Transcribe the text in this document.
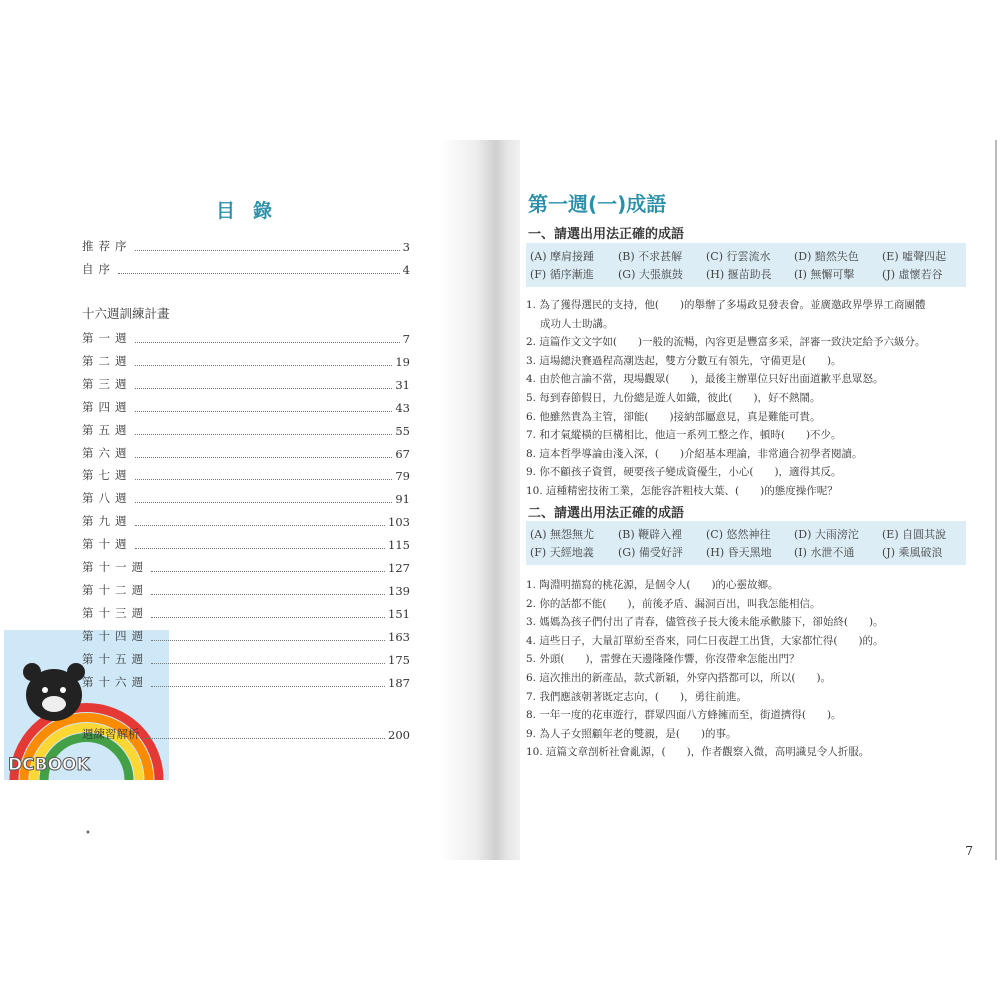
目錄
推荐序	3
自序	4
十六週訓練計畫
第一週	7
第二週	19
第三週	31
第四週	43
第五週	55
第六週	67
第七週	79
第八週	91
第九週	103
第十週	115
第十一週	127
第十二週	139
第十三週	151
第十四週	163
第十五週	175
第十六週	187
週練習解析	200
DCBOOK
•
第一週(一)成語
一、請選出用法正確的成語
(A) 摩肩接踵	(B) 不求甚解	(C) 行雲流水	(D) 黯然失色	(E) 噓聲四起
(F) 循序漸進	(G) 大張旗鼓	(H) 揠苗助長	(I) 無懈可擊	(J) 虛懷若谷
1. 為了獲得選民的支持，他(　　)的舉辦了多場政見發表會。並廣邀政界學界工商團體
成功人士助講。
2. 這篇作文文字如(　　)一般的流暢，內容更是豐富多采，評審一致決定給予六級分。
3. 這場總決賽過程高潮迭起，雙方分數互有領先，守備更是(　　)。
4. 由於他言論不當，現場觀眾(　　)，最後主辦單位只好出面道歉平息眾怒。
5. 每到春節假日，九份總是遊人如織，彼此(　　)，好不熱鬧。
6. 他雖然貴為主管，卻能(　　)接納部屬意見，真是難能可貴。
7. 和才氣縱橫的巨構相比，他這一系列工整之作，頓時(　　)不少。
8. 這本哲學導論由淺入深，(　　)介紹基本理論，非常適合初學者閱讀。
9. 你不顧孩子資質，硬要孩子變成資優生，小心(　　)，適得其反。
10. 這種精密技術工業，怎能容許粗枝大葉、(　　)的態度操作呢？
二、請選出用法正確的成語
(A) 無怨無尤	(B) 鞭辟入裡	(C) 悠然神往	(D) 大雨滂沱	(E) 自圓其說
(F) 天經地義	(G) 備受好評	(H) 昏天黑地	(I) 水泄不通	(J) 乘風破浪
1. 陶淵明描寫的桃花源，是個令人(　　)的心靈故鄉。
2. 你的話都不能(　　)，前後矛盾、漏洞百出，叫我怎能相信。
3. 媽媽為孩子們付出了青春，儘管孩子長大後未能承歡膝下，卻始終(　　)。
4. 這些日子，大量訂單紛至沓來，同仁日夜趕工出貨，大家都忙得(　　)的。
5. 外頭(　　)，雷聲在天邊隆隆作響，你沒帶傘怎能出門？
6. 這次推出的新產品，款式新穎，外穿內搭都可以，所以(　　)。
7. 我們應該朝著既定志向，(　　)，勇往前進。
8. 一年一度的花車遊行，群眾四面八方蜂擁而至，街道擠得(　　)。
9. 為人子女照顧年老的雙親，是(　　)的事。
10. 這篇文章剖析社會亂源，(　　)，作者觀察入微，高明識見令人折服。
7
